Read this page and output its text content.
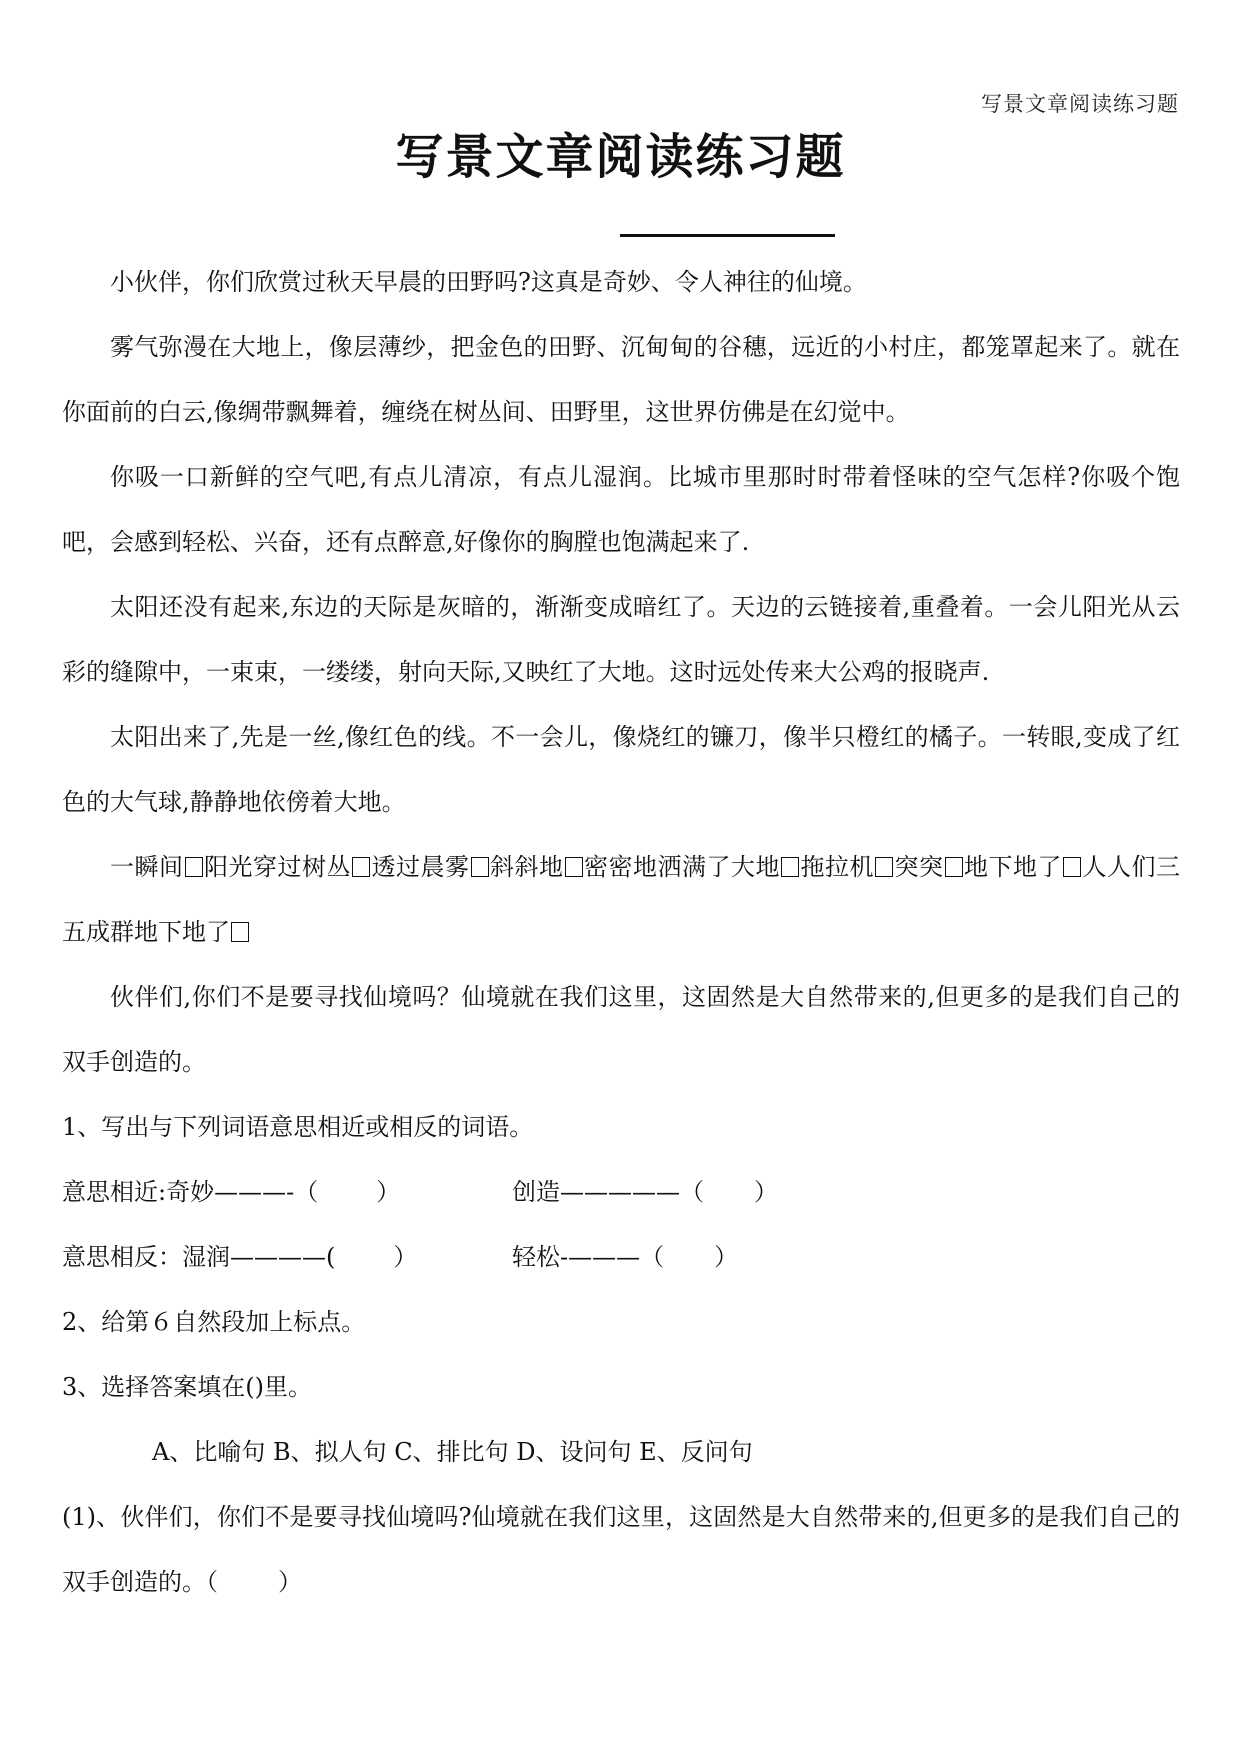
写景文章阅读练习题
写景文章阅读练习题

小伙伴，你们欣赏过秋天早晨的田野吗?这真是奇妙、令人神往的仙境。

雾气弥漫在大地上，像层薄纱，把金色的田野、沉甸甸的谷穗，远近的小村庄，都笼罩起来了。就在你面前的白云,像绸带飘舞着，缠绕在树丛间、田野里，这世界仿佛是在幻觉中。

你吸一口新鲜的空气吧,有点儿清凉，有点儿湿润。比城市里那时时带着怪味的空气怎样?你吸个饱吧，会感到轻松、兴奋，还有点醉意,好像你的胸膛也饱满起来了.

太阳还没有起来,东边的天际是灰暗的，渐渐变成暗红了。天边的云链接着,重叠着。一会儿阳光从云彩的缝隙中，一束束，一缕缕，射向天际,又映红了大地。这时远处传来大公鸡的报晓声.

太阳出来了,先是一丝,像红色的线。不一会儿，像烧红的镰刀，像半只橙红的橘子。一转眼,变成了红色的大气球,静静地依傍着大地。

一瞬间 阳光穿过树丛 透过晨雾 斜斜地 密密地洒满了大地 拖拉机 突突 地下地了 人人们三五成群地下地了

伙伴们,你们不是要寻找仙境吗？仙境就在我们这里，这固然是大自然带来的,但更多的是我们自己的双手创造的。

1、写出与下列词语意思相近或相反的词语。

意思相近:奇妙———-（ ）	创造—————（ ）
意思相反：湿润————( ）	轻松-———（ ）

2、给第６自然段加上标点。

3、选择答案填在()里。

A、比喻句 B、拟人句 C、排比句 D、设问句 E、反问句

(1)、伙伴们，你们不是要寻找仙境吗?仙境就在我们这里，这固然是大自然带来的,但更多的是我们自己的双手创造的。（	）
